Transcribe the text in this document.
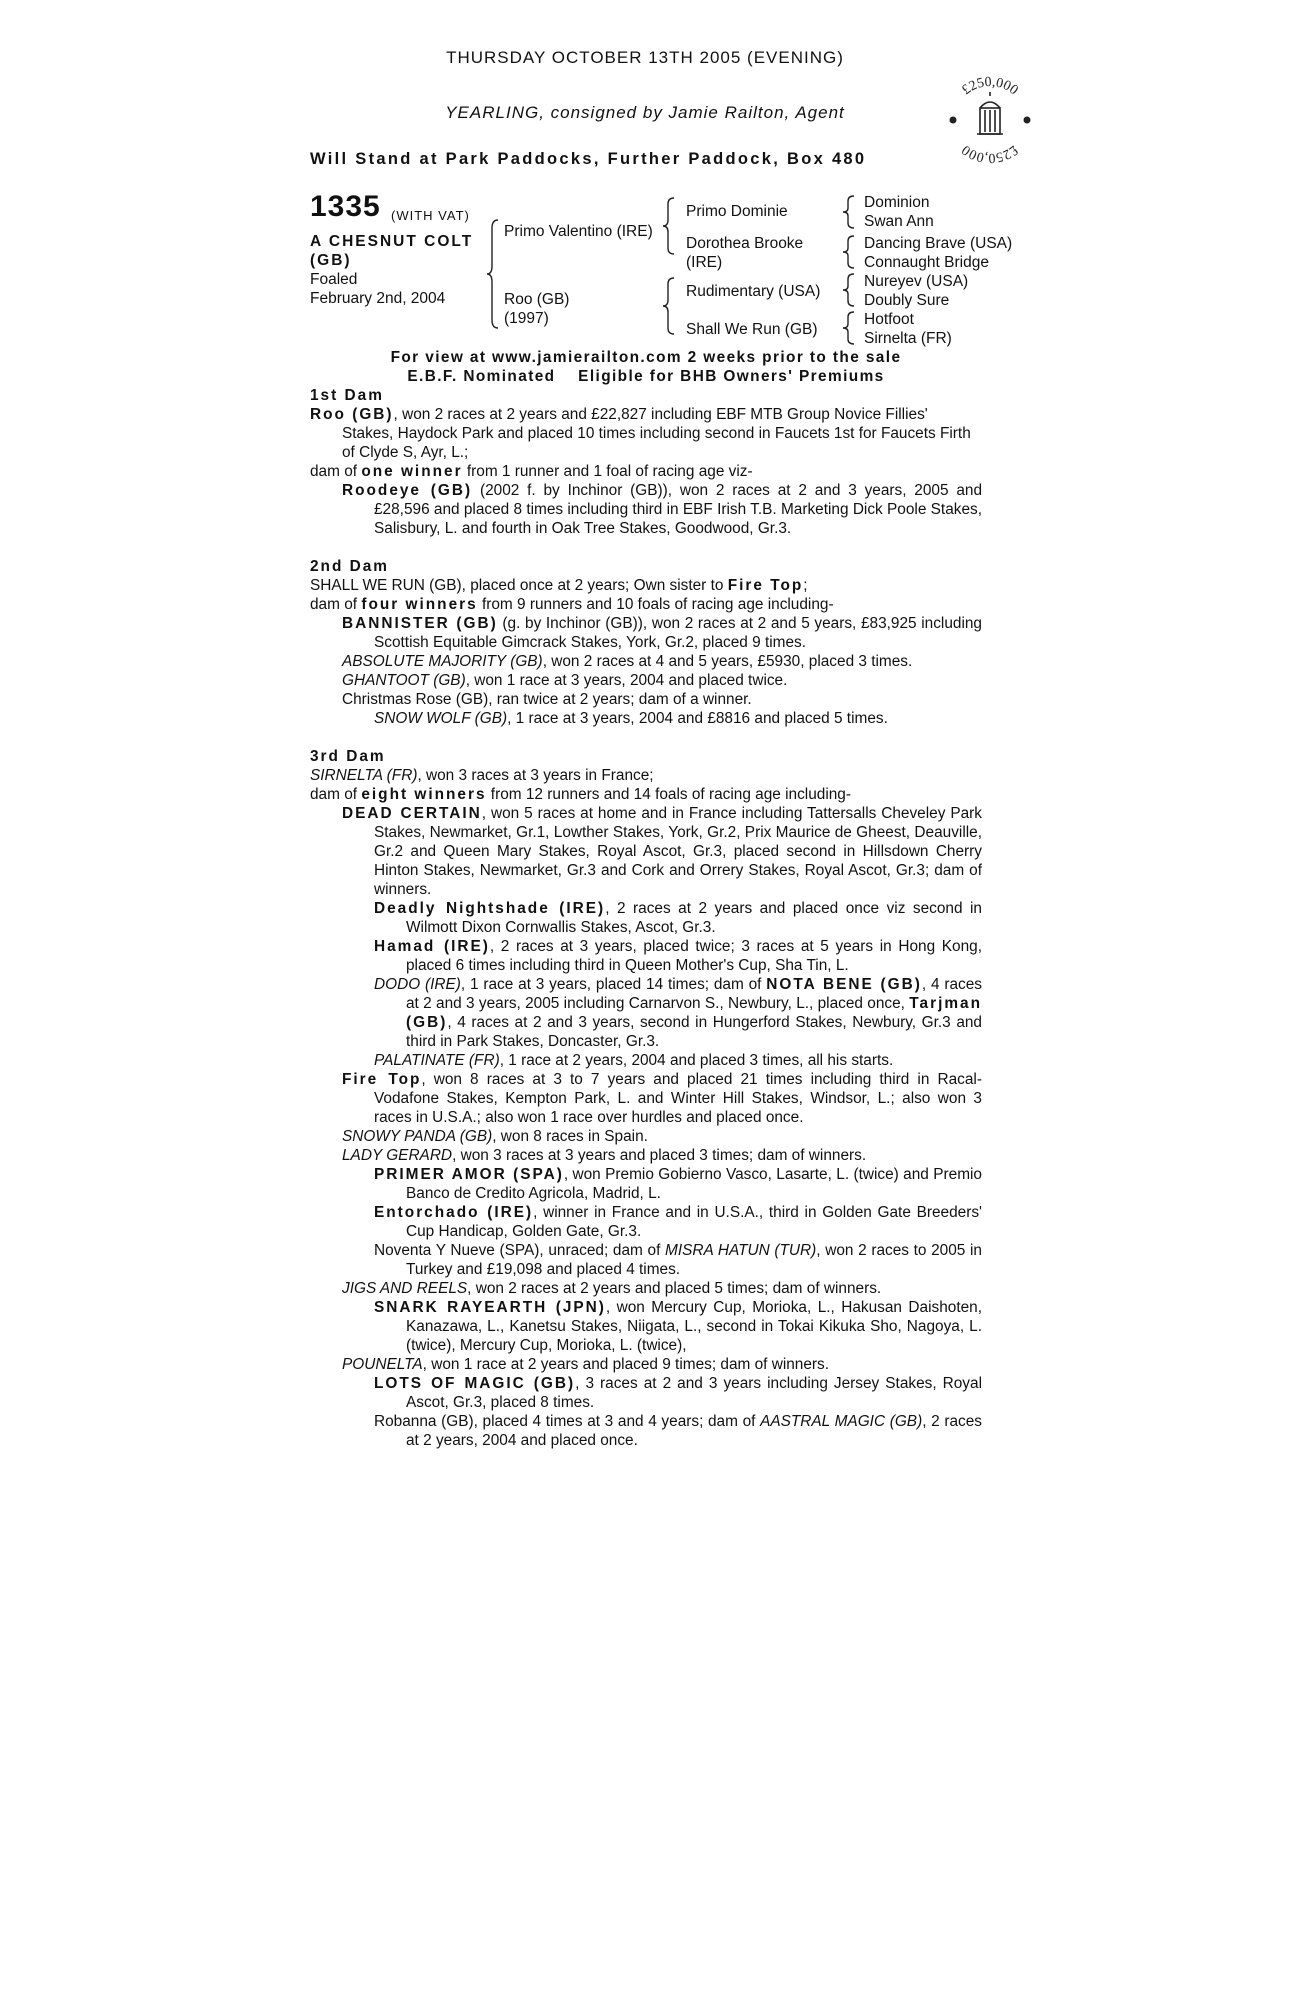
THURSDAY OCTOBER 13TH 2005 (EVENING)
YEARLING, consigned by Jamie Railton, Agent
Will Stand at Park Paddocks, Further Paddock, Box 480
£250,000
£250,000
1335 (WITH VAT)
A CHESNUT COLT
(GB)
Foaled
February 2nd, 2004
Primo Valentino (IRE)
Roo (GB)
(1997)
Primo Dominie
Dorothea Brooke
(IRE)
Rudimentary (USA)
Shall We Run (GB)
Dominion
Swan Ann
Dancing Brave (USA)
Connaught Bridge
Nureyev (USA)
Doubly Sure
Hotfoot
Sirnelta (FR)

For view at www.jamierailton.com 2 weeks prior to the sale

E.B.F. Nominated    Eligible for BHB Owners' Premiums

1st Dam

Roo (GB), won 2 races at 2 years and £22,827 including EBF MTB Group Novice Fillies' Stakes, Haydock Park and placed 10 times including second in Faucets 1st for Faucets Firth of Clyde S, Ayr, L.;

dam of one winner from 1 runner and 1 foal of racing age viz-

Roodeye (GB) (2002 f. by Inchinor (GB)), won 2 races at 2 and 3 years, 2005 and £28,596 and placed 8 times including third in EBF Irish T.B. Marketing Dick Poole Stakes, Salisbury, L. and fourth in Oak Tree Stakes, Goodwood, Gr.3.

2nd Dam

SHALL WE RUN (GB), placed once at 2 years; Own sister to Fire Top;

dam of four winners from 9 runners and 10 foals of racing age including-

BANNISTER (GB) (g. by Inchinor (GB)), won 2 races at 2 and 5 years, £83,925 including Scottish Equitable Gimcrack Stakes, York, Gr.2, placed 9 times.

ABSOLUTE MAJORITY (GB), won 2 races at 4 and 5 years, £5930, placed 3 times.

GHANTOOT (GB), won 1 race at 3 years, 2004 and placed twice.

Christmas Rose (GB), ran twice at 2 years; dam of a winner.

SNOW WOLF (GB), 1 race at 3 years, 2004 and £8816 and placed 5 times.

3rd Dam

SIRNELTA (FR), won 3 races at 3 years in France;

dam of eight winners from 12 runners and 14 foals of racing age including-

DEAD CERTAIN, won 5 races at home and in France including Tattersalls Cheveley Park Stakes, Newmarket, Gr.1, Lowther Stakes, York, Gr.2, Prix Maurice de Gheest, Deauville, Gr.2 and Queen Mary Stakes, Royal Ascot, Gr.3, placed second in Hillsdown Cherry Hinton Stakes, Newmarket, Gr.3 and Cork and Orrery Stakes, Royal Ascot, Gr.3; dam of winners.

Deadly Nightshade (IRE), 2 races at 2 years and placed once viz second in Wilmott Dixon Cornwallis Stakes, Ascot, Gr.3.

Hamad (IRE), 2 races at 3 years, placed twice; 3 races at 5 years in Hong Kong, placed 6 times including third in Queen Mother's Cup, Sha Tin, L.

DODO (IRE), 1 race at 3 years, placed 14 times; dam of NOTA BENE (GB), 4 races at 2 and 3 years, 2005 including Carnarvon S., Newbury, L., placed once, Tarjman (GB), 4 races at 2 and 3 years, second in Hungerford Stakes, Newbury, Gr.3 and third in Park Stakes, Doncaster, Gr.3.

PALATINATE (FR), 1 race at 2 years, 2004 and placed 3 times, all his starts.

Fire Top, won 8 races at 3 to 7 years and placed 21 times including third in Racal-Vodafone Stakes, Kempton Park, L. and Winter Hill Stakes, Windsor, L.; also won 3 races in U.S.A.; also won 1 race over hurdles and placed once.

SNOWY PANDA (GB), won 8 races in Spain.

LADY GERARD, won 3 races at 3 years and placed 3 times; dam of winners.

PRIMER AMOR (SPA), won Premio Gobierno Vasco, Lasarte, L. (twice) and Premio Banco de Credito Agricola, Madrid, L.

Entorchado (IRE), winner in France and in U.S.A., third in Golden Gate Breeders' Cup Handicap, Golden Gate, Gr.3.

Noventa Y Nueve (SPA), unraced; dam of MISRA HATUN (TUR), won 2 races to 2005 in Turkey and £19,098 and placed 4 times.

JIGS AND REELS, won 2 races at 2 years and placed 5 times; dam of winners.

SNARK RAYEARTH (JPN), won Mercury Cup, Morioka, L., Hakusan Daishoten, Kanazawa, L., Kanetsu Stakes, Niigata, L., second in Tokai Kikuka Sho, Nagoya, L. (twice), Mercury Cup, Morioka, L. (twice),

POUNELTA, won 1 race at 2 years and placed 9 times; dam of winners.

LOTS OF MAGIC (GB), 3 races at 2 and 3 years including Jersey Stakes, Royal Ascot, Gr.3, placed 8 times.

Robanna (GB), placed 4 times at 3 and 4 years; dam of AASTRAL MAGIC (GB), 2 races at 2 years, 2004 and placed once.
